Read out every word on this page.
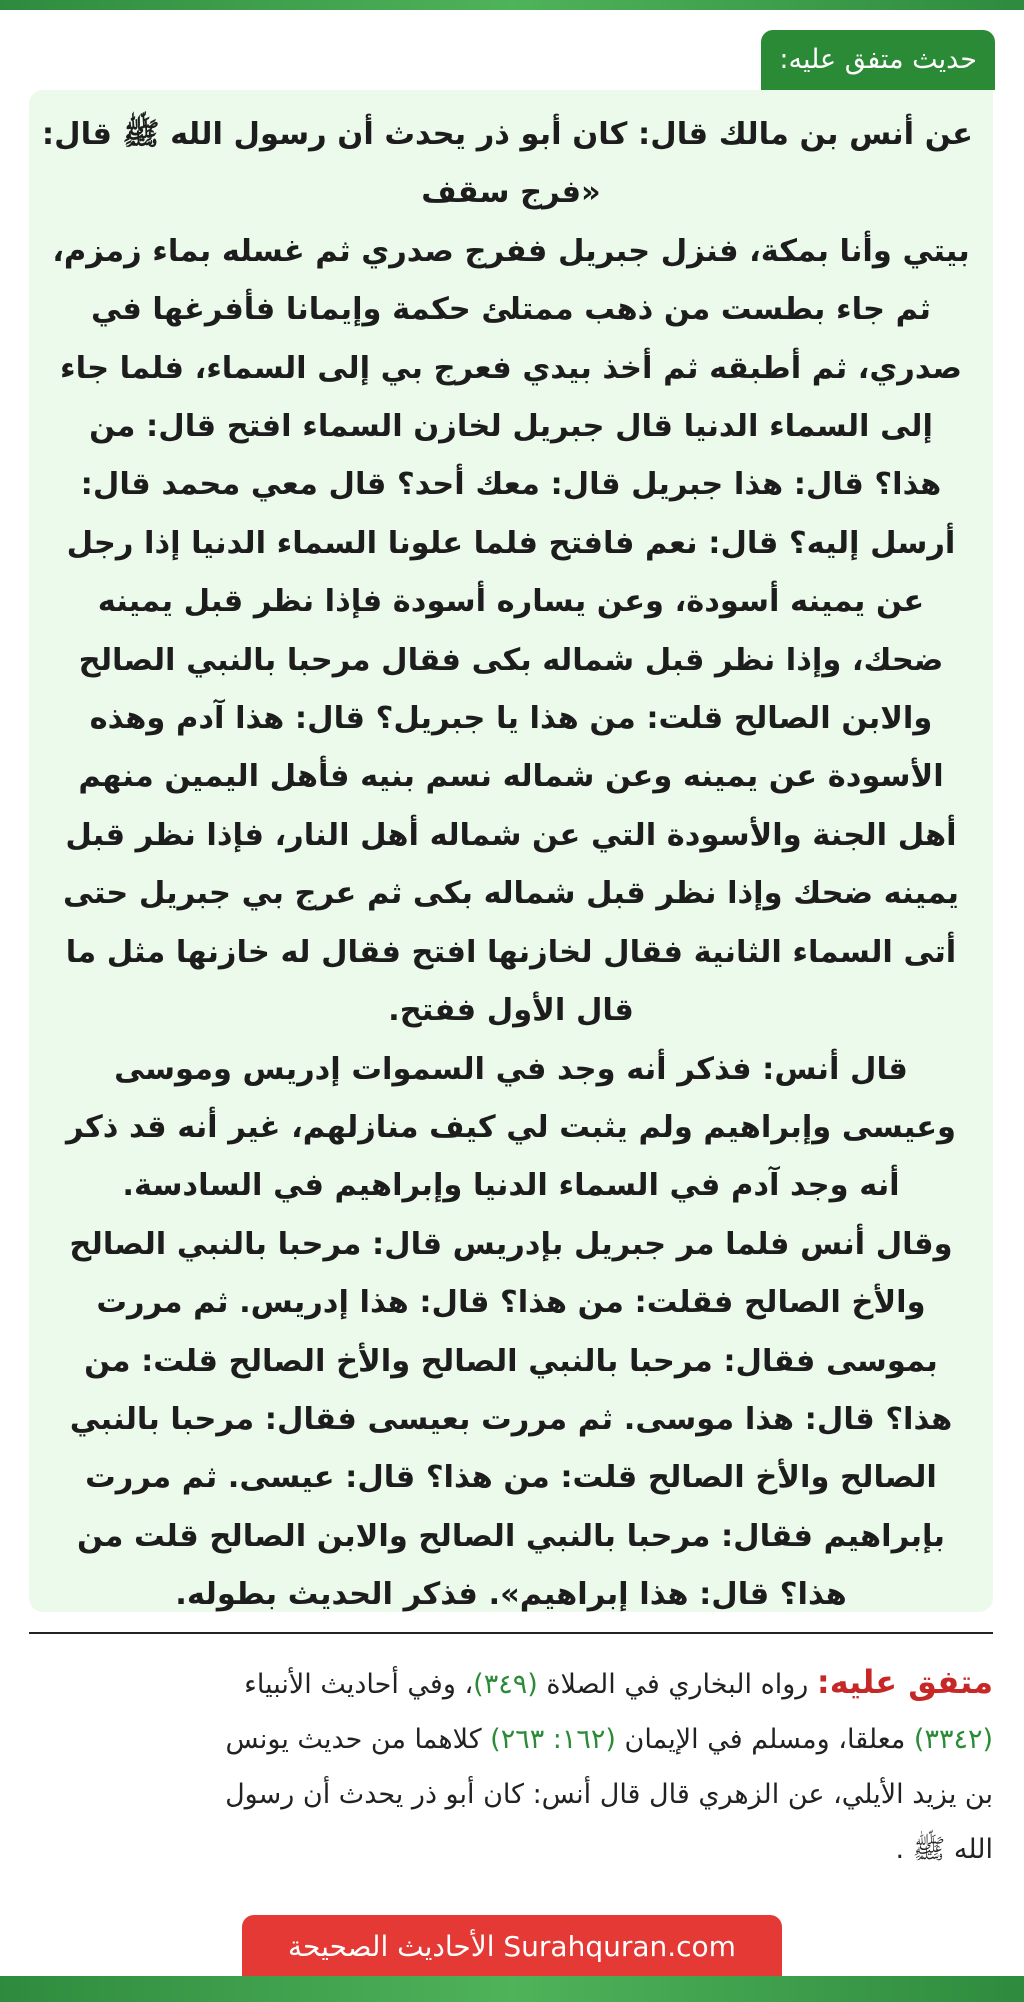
حديث متفق عليه:

عن أنس بن مالك قال: كان أبو ذر يحدث أن رسول الله ﷺ قال:
«فرج سقف
بيتي وأنا بمكة، فنزل جبريل ففرج صدري ثم غسله بماء زمزم،
ثم جاء بطست من ذهب ممتلئ حكمة وإيمانا فأفرغها في
صدري، ثم أطبقه ثم أخذ بيدي فعرج بي إلى السماء، فلما جاء
إلى السماء الدنيا قال جبريل لخازن السماء افتح قال: من
هذا؟ قال: هذا جبريل قال: معك أحد؟ قال معي محمد قال:
أرسل إليه؟ قال: نعم فافتح فلما علونا السماء الدنيا إذا رجل
عن يمينه أسودة، وعن يساره أسودة فإذا نظر قبل يمينه
ضحك، وإذا نظر قبل شماله بكى فقال مرحبا بالنبي الصالح
والابن الصالح قلت: من هذا يا جبريل؟ قال: هذا آدم وهذه
الأسودة عن يمينه وعن شماله نسم بنيه فأهل اليمين منهم
أهل الجنة والأسودة التي عن شماله أهل النار، فإذا نظر قبل
يمينه ضحك وإذا نظر قبل شماله بكى ثم عرج بي جبريل حتى
أتى السماء الثانية فقال لخازنها افتح فقال له خازنها مثل ما
قال الأول ففتح.
قال أنس: فذكر أنه وجد في السموات إدريس وموسى
وعيسى وإبراهيم ولم يثبت لي كيف منازلهم، غير أنه قد ذكر
أنه وجد آدم في السماء الدنيا وإبراهيم في السادسة.
وقال أنس فلما مر جبريل بإدريس قال: مرحبا بالنبي الصالح
والأخ الصالح فقلت: من هذا؟ قال: هذا إدريس. ثم مررت
بموسى فقال: مرحبا بالنبي الصالح والأخ الصالح قلت: من
هذا؟ قال: هذا موسى. ثم مررت بعيسى فقال: مرحبا بالنبي
الصالح والأخ الصالح قلت: من هذا؟ قال: عيسى. ثم مررت
بإبراهيم فقال: مرحبا بالنبي الصالح والابن الصالح قلت من
هذا؟ قال: هذا إبراهيم». فذكر الحديث بطوله.

متفق عليه: رواه البخاري في الصلاة (٣٤٩)، وفي أحاديث الأنبياء
(٣٣٤٢) معلقا، ومسلم في الإيمان (١٦٢: ٢٦٣) كلاهما من حديث يونس
بن يزيد الأيلي، عن الزهري قال قال أنس: كان أبو ذر يحدث أن رسول
الله ﷺ .
الأحاديث الصحيحة Surahquran.com
